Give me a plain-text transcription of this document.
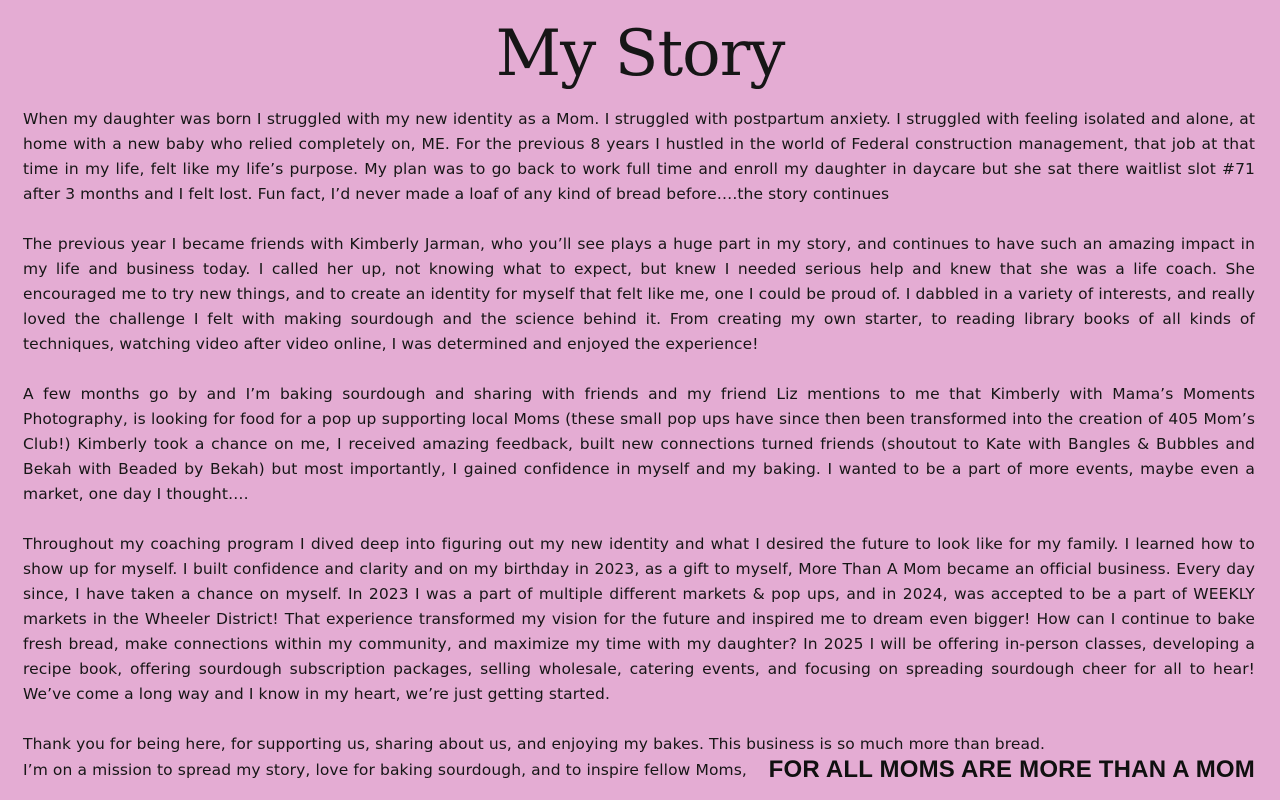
My Story

When my daughter was born I struggled with my new identity as a Mom. I struggled with postpartum anxiety. I struggled with feeling isolated and alone, at home with a new baby who relied completely on, ME. For the previous 8 years I hustled in the world of Federal construction management, that job at that time in my life, felt like my life’s purpose. My plan was to go back to work full time and enroll my daughter in daycare but she sat there waitlist slot #71 after 3 months and I felt lost. Fun fact, I’d never made a loaf of any kind of bread before….the story continues

The previous year I became friends with Kimberly Jarman, who you’ll see plays a huge part in my story, and continues to have such an amazing impact in my life and business today. I called her up, not knowing what to expect, but knew I needed serious help and knew that she was a life coach. She encouraged me to try new things, and to create an identity for myself that felt like me, one I could be proud of. I dabbled in a variety of interests, and really loved the challenge I felt with making sourdough and the science behind it. From creating my own starter, to reading library books of all kinds of techniques, watching video after video online, I was determined and enjoyed the experience!

A few months go by and I’m baking sourdough and sharing with friends and my friend Liz mentions to me that Kimberly with Mama’s Moments Photography, is looking for food for a pop up supporting local Moms (these small pop ups have since then been transformed into the creation of 405 Mom’s Club!) Kimberly took a chance on me, I received amazing feedback, built new connections turned friends (shoutout to Kate with Bangles & Bubbles and Bekah with Beaded by Bekah) but most importantly, I gained confidence in myself and my baking. I wanted to be a part of more events, maybe even a market, one day I thought….

Throughout my coaching program I dived deep into figuring out my new identity and what I desired the future to look like for my family. I learned how to show up for myself. I built confidence and clarity and on my birthday in 2023, as a gift to myself, More Than A Mom became an official business. Every day since, I have taken a chance on myself. In 2023 I was a part of multiple different markets & pop ups, and in 2024, was accepted to be a part of WEEKLY markets in the Wheeler District! That experience transformed my vision for the future and inspired me to dream even bigger! How can I continue to bake fresh bread, make connections within my community, and maximize my time with my daughter? In 2025 I will be offering in-person classes, developing a recipe book, offering sourdough subscription packages, selling wholesale, catering events, and focusing on spreading sourdough cheer for all to hear! We’ve come a long way and I know in my heart, we’re just getting started.

Thank you for being here, for supporting us, sharing about us, and enjoying my bakes. This business is so much more than bread.
I’m on a mission to spread my story, love for baking sourdough, and to inspire fellow Moms, FOR ALL MOMS ARE MORE THAN A MOM
